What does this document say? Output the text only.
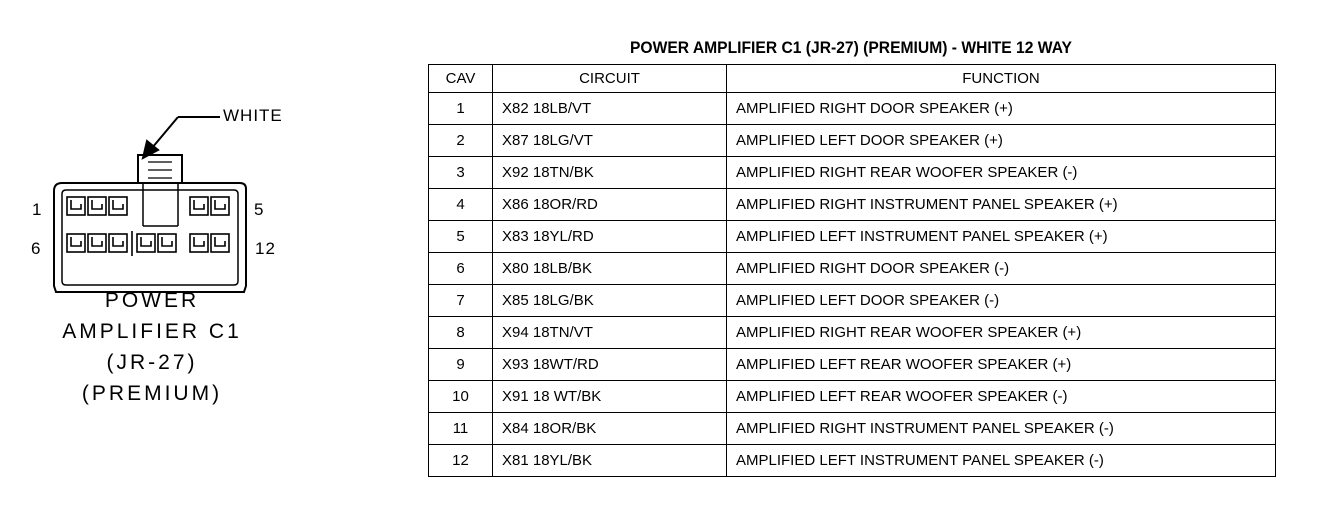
WHITE
1	5
6	12
POWER
AMPLIFIER C1
(JR-27)
(PREMIUM)
POWER AMPLIFIER C1 (JR-27) (PREMIUM) - WHITE 12 WAY
CAV	CIRCUIT	FUNCTION
1	X82 18LB/VT	AMPLIFIED RIGHT DOOR SPEAKER (+)
2	X87 18LG/VT	AMPLIFIED LEFT DOOR SPEAKER (+)
3	X92 18TN/BK	AMPLIFIED RIGHT REAR WOOFER SPEAKER (-)
4	X86 18OR/RD	AMPLIFIED RIGHT INSTRUMENT PANEL SPEAKER (+)
5	X83 18YL/RD	AMPLIFIED LEFT INSTRUMENT PANEL SPEAKER (+)
6	X80 18LB/BK	AMPLIFIED RIGHT DOOR SPEAKER (-)
7	X85 18LG/BK	AMPLIFIED LEFT DOOR SPEAKER (-)
8	X94 18TN/VT	AMPLIFIED RIGHT REAR WOOFER SPEAKER (+)
9	X93 18WT/RD	AMPLIFIED LEFT REAR WOOFER SPEAKER (+)
10	X91 18 WT/BK	AMPLIFIED LEFT REAR WOOFER SPEAKER (-)
11	X84 18OR/BK	AMPLIFIED RIGHT INSTRUMENT PANEL SPEAKER (-)
12	X81 18YL/BK	AMPLIFIED LEFT INSTRUMENT PANEL SPEAKER (-)
